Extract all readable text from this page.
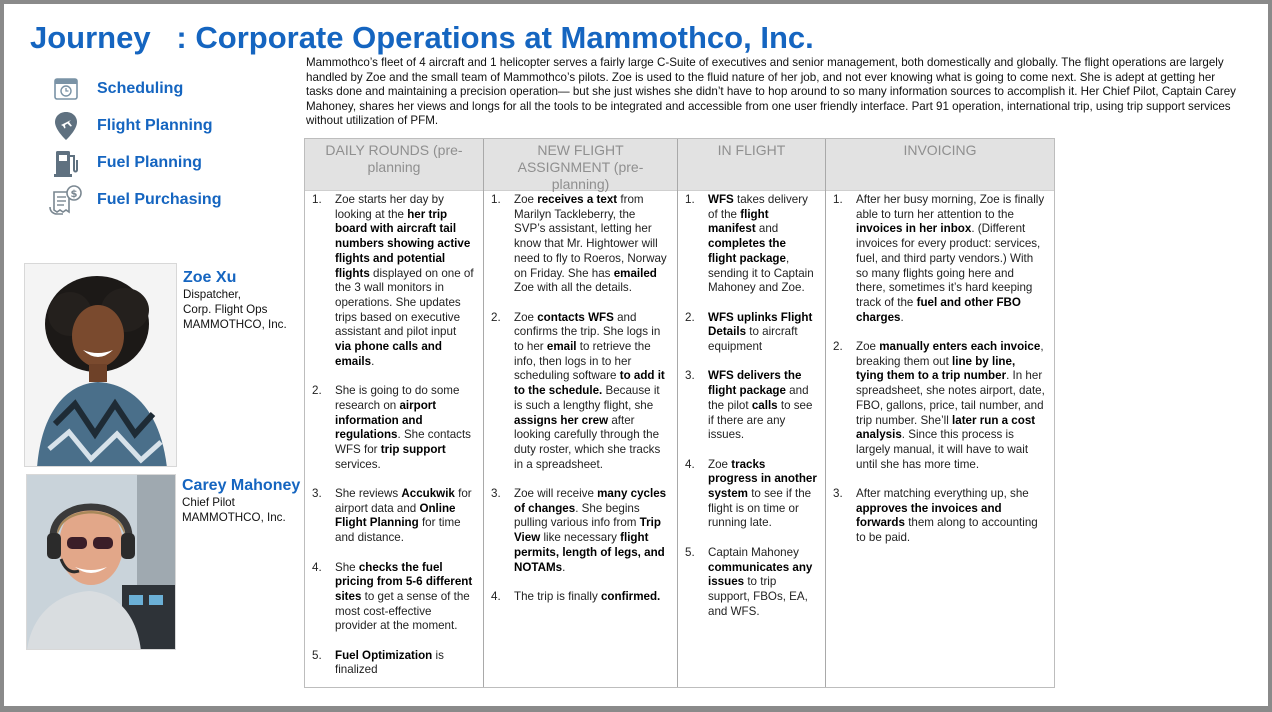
Journey   : Corporate Operations at Mammothco, Inc.
Mammothco’s fleet of 4 aircraft and 1 helicopter serves a fairly large C-Suite of executives and senior management, both domestically and globally. The flight operations are largely handled by Zoe and the small team of Mammothco’s pilots. Zoe is used to the fluid nature of her job, and not ever knowing what is going to come next. She is adept at getting her tasks done and maintaining a precision operation— but she just wishes she didn’t have to hop around to so many information sources to accomplish it. Her Chief Pilot, Captain Carey Mahoney, shares her views and longs for all the tools to be integrated and accessible from one user friendly interface. Part 91 operation, international trip, using trip support services without utilization of PFM.
Scheduling
Flight Planning
Fuel Planning
$ Fuel Purchasing
Zoe Xu
Dispatcher,
Corp. Flight Ops
MAMMOTHCO, Inc.
Carey Mahoney
Chief Pilot
MAMMOTHCO, Inc.
DAILY ROUNDS (pre-planning
1. Zoe starts her day by looking at the her trip board with aircraft tail numbers showing active flights and potential flights displayed on one of the 3 wall monitors in operations. She updates trips based on executive assistant and pilot input via phone calls and emails.
2. She is going to do some research on airport information and regulations. She contacts WFS for trip support services.
3. She reviews Accukwik for airport data and Online Flight Planning for time and distance.
4. She checks the fuel pricing from 5-6 different sites to get a sense of the most cost-effective provider at the moment.
5. Fuel Optimization is finalized
NEW FLIGHT ASSIGNMENT (pre-planning)
1. Zoe receives a text from Marilyn Tackleberry, the SVP’s assistant, letting her know that Mr. Hightower will need to fly to Roeros, Norway on Friday. She has emailed Zoe with all the details.
2. Zoe contacts WFS and confirms the trip. She logs in to her email to retrieve the info, then logs in to her scheduling software to add it to the schedule. Because it is such a lengthy flight, she assigns her crew after looking carefully through the duty roster, which she tracks in a spreadsheet.
3. Zoe will receive many cycles of changes. She begins pulling various info from Trip View like necessary flight permits, length of legs, and NOTAMs.
4. The trip is finally confirmed.
IN FLIGHT
1. WFS takes delivery of the flight manifest and completes the flight package, sending it to Captain Mahoney and Zoe.
2. WFS uplinks Flight Details to aircraft equipment
3. WFS delivers the flight package and the pilot calls to see if there are any issues.
4. Zoe tracks progress in another system to see if the flight is on time or running late.
5. Captain Mahoney communicates any issues to trip support, FBOs, EA, and WFS.
INVOICING
1. After her busy morning, Zoe is finally able to turn her attention to the invoices in her inbox. (Different invoices for every product: services, fuel, and third party vendors.) With so many flights going here and there, sometimes it’s hard keeping track of the fuel and other FBO charges.
2. Zoe manually enters each invoice, breaking them out line by line, tying them to a trip number. In her spreadsheet, she notes airport, date, FBO, gallons, price, tail number, and trip number. She’ll later run a cost analysis. Since this process is largely manual, it will have to wait until she has more time.
3. After matching everything up, she approves the invoices and forwards them along to accounting to be paid.
